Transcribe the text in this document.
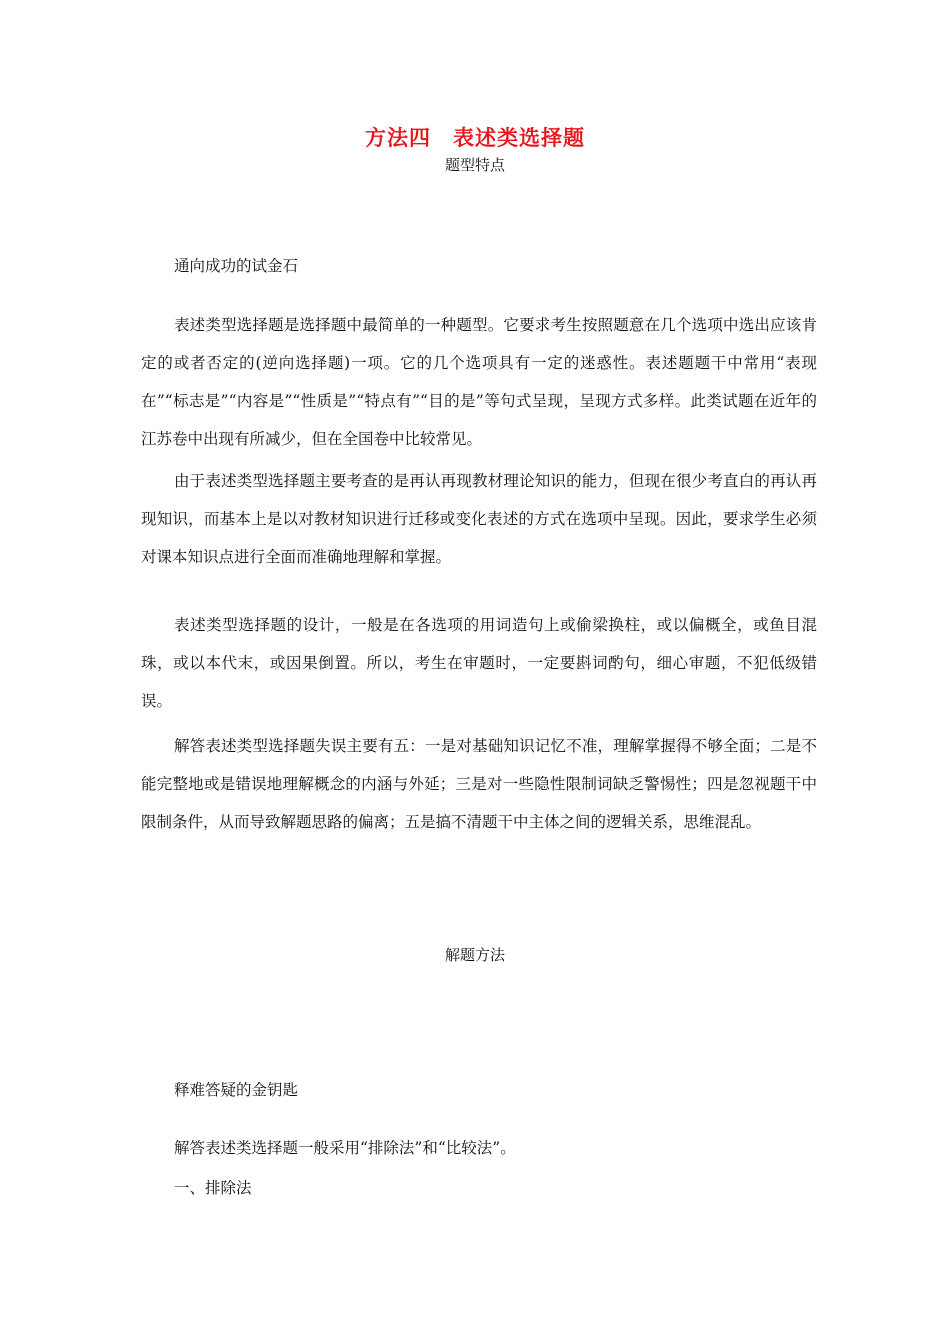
方法四 表述类选择题
题型特点
通向成功的试金石
表述类型选择题是选择题中最简单的一种题型。它要求考生按照题意在几个选项中选出应该肯定的或者否定的(逆向选择题)一项。它的几个选项具有一定的迷惑性。表述题题干中常用“表现在”“标志是”“内容是”“性质是”“特点有”“目的是”等句式呈现，呈现方式多样。此类试题在近年的江苏卷中出现有所减少，但在全国卷中比较常见。
由于表述类型选择题主要考查的是再认再现教材理论知识的能力，但现在很少考直白的再认再现知识，而基本上是以对教材知识进行迁移或变化表述的方式在选项中呈现。因此，要求学生必须对课本知识点进行全面而准确地理解和掌握。
表述类型选择题的设计，一般是在各选项的用词造句上或偷梁换柱，或以偏概全，或鱼目混珠，或以本代末，或因果倒置。所以，考生在审题时，一定要斟词酌句，细心审题，不犯低级错误。
解答表述类型选择题失误主要有五：一是对基础知识记忆不准，理解掌握得不够全面；二是不能完整地或是错误地理解概念的内涵与外延；三是对一些隐性限制词缺乏警惕性；四是忽视题干中限制条件，从而导致解题思路的偏离；五是搞不清题干中主体之间的逻辑关系，思维混乱。
解题方法
释难答疑的金钥匙
解答表述类选择题一般采用“排除法”和“比较法”。
一、排除法
